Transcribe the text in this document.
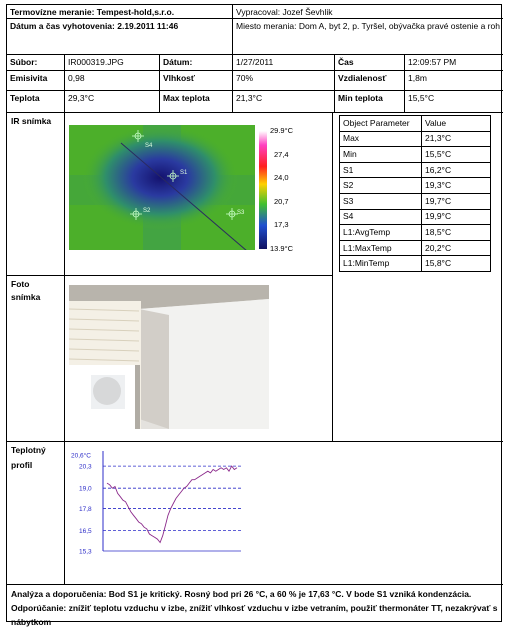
Termovízne meranie: Tempest-hold,s.r.o.	Vypracoval: Jozef Ševhlik
Dátum a čas vyhotovenia: 2.19.2011 11:46	Miesto merania: Dom A, byt 2, p. Tyršel, obývačka pravé ostenie a roh
Súbor:	IR000319.JPG	Dátum:	1/27/2011	Čas	12:09:57 PM
Emisivita	0,98	Vlhkosť	70%	Vzdialenosť	1,8m
Teplota	29,3°C	Max teplota	21,3°C	Min teplota	15,5°C
IR snímka
Foto
snímka
Teplotný
profil
S1
S2	S3
S4
29.9°C
27,4
24,0
20,7
17,3
13.9°C
Object Parameter	Value
Max	21,3°C
Min	15,5°C
S1	16,2°C
S2	19,3°C
S3	19,7°C
S4	19,9°C
L1:AvgTemp	18,5°C
L1:MaxTemp	20,2°C
L1:MinTemp	15,8°C
20,6°C
20,3
19,0
17,8
16,5
15,3
Analýza a doporučenia: Bod S1 je kritický. Rosný bod pri 26 °C, a 60 % je 17,63 °C. V bode S1 vzniká kondenzácia. Odporúčanie: znížiť teplotu vzduchu v izbe, znížiť vlhkosť vzduchu v izbe vetraním, použiť thermonáter TT, nezakrývať s nábytkom
